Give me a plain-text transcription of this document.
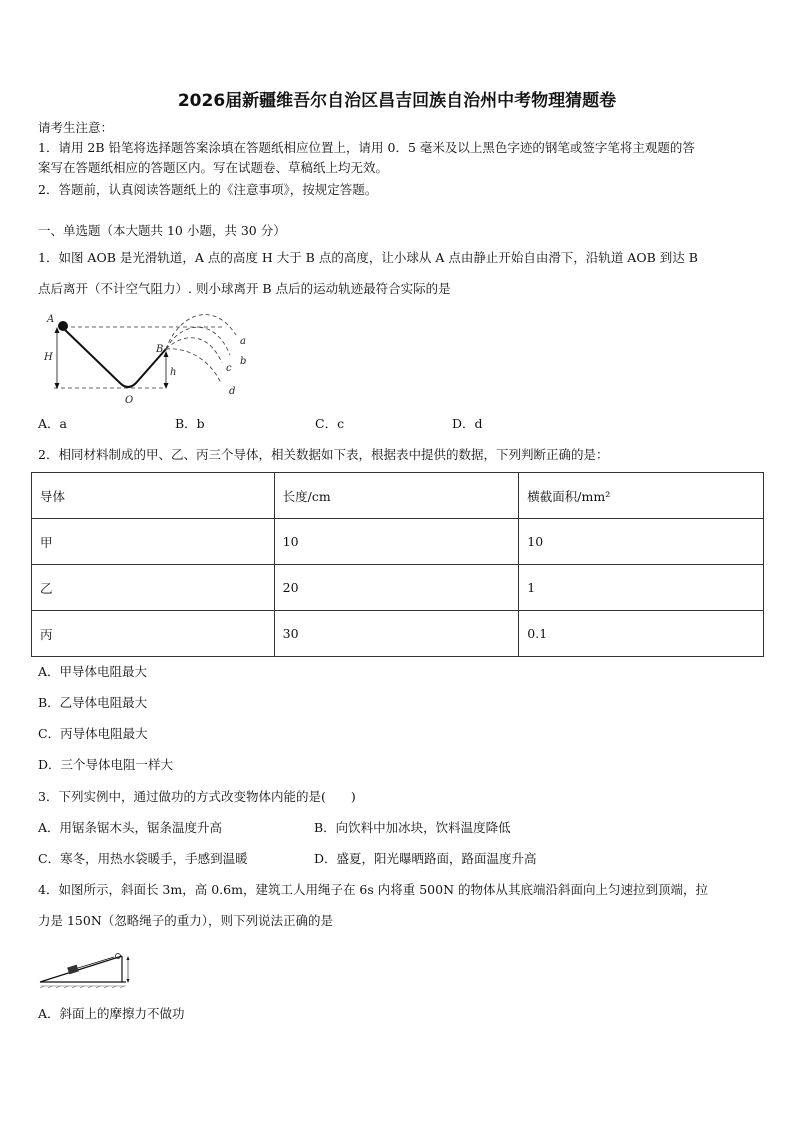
2026届新疆维吾尔自治区昌吉回族自治州中考物理猜题卷
请考生注意：
1．请用 2B 铅笔将选择题答案涂填在答题纸相应位置上，请用 0．5 毫米及以上黑色字迹的钢笔或签字笔将主观题的答
案写在答题纸相应的答题区内。写在试题卷、草稿纸上均无效。
2．答题前，认真阅读答题纸上的《注意事项》，按规定答题。
一、单选题（本大题共 10 小题，共 30 分）
1．如图 AOB 是光滑轨道，A 点的高度 H 大于 B 点的高度，让小球从 A 点由静止开始自由滑下，沿轨道 AOB 到达 B
点后离开（不计空气阻力）. 则小球离开 B 点后的运动轨迹最符合实际的是
A
B
O
H
h
a
b
c
d
A．a	B．b	C．c	D．d
2．相同材料制成的甲、乙、丙三个导体，相关数据如下表，根据表中提供的数据，下列判断正确的是：
导体	长度/cm	横截面积/mm²
甲	10	10
乙	20	1
丙	30	0.1
A．甲导体电阻最大
B．乙导体电阻最大
C．丙导体电阻最大
D．三个导体电阻一样大
3．下列实例中，通过做功的方式改变物体内能的是(　　)
A．用锯条锯木头，锯条温度升高	B．向饮料中加冰块，饮料温度降低
C．寒冬，用热水袋暖手，手感到温暖	D．盛夏，阳光曝晒路面，路面温度升高
4．如图所示，斜面长 3m，高 0.6m，建筑工人用绳子在 6s 内将重 500N 的物体从其底端沿斜面向上匀速拉到顶端，拉
力是 150N（忽略绳子的重力），则下列说法正确的是
A．斜面上的摩擦力不做功
